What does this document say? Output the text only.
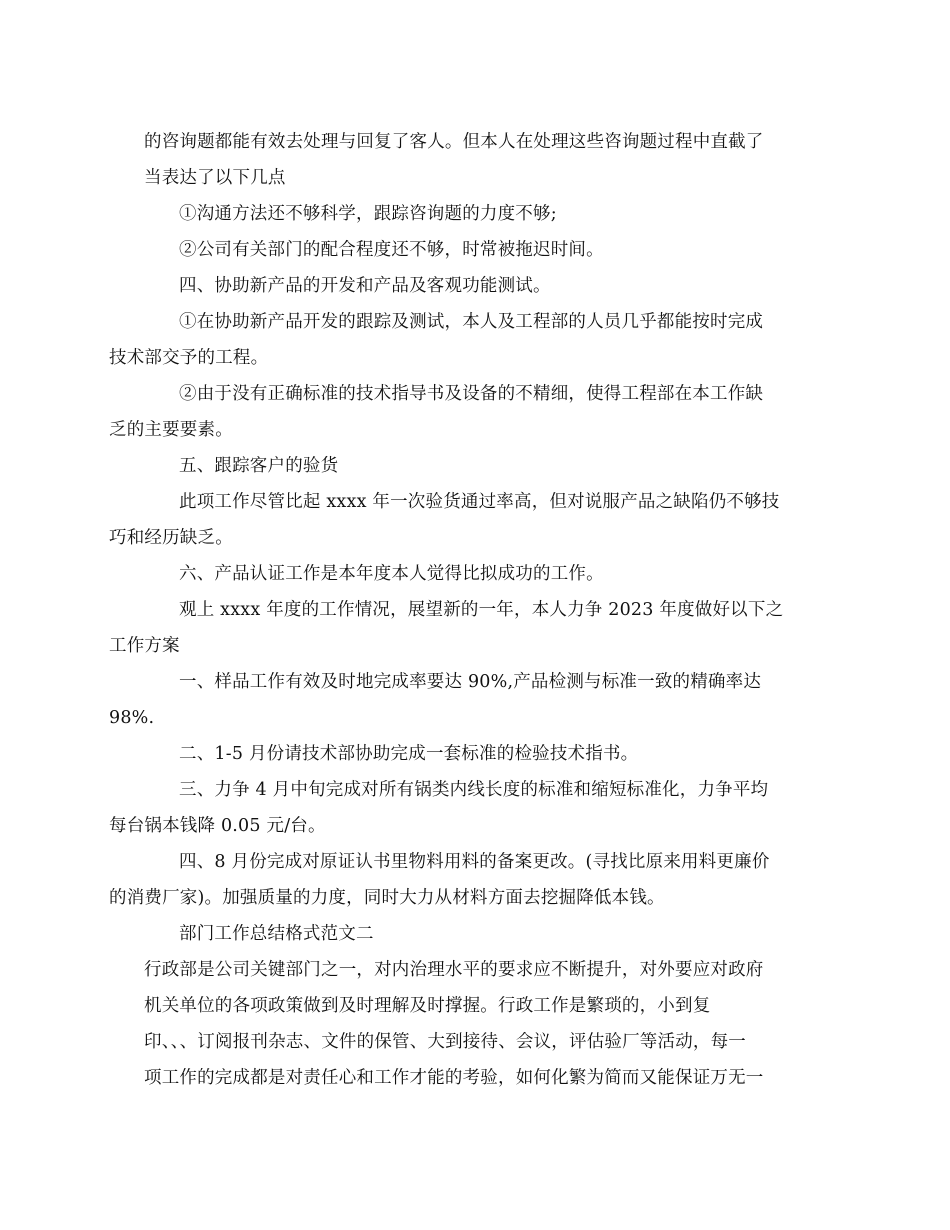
的咨询题都能有效去处理与回复了客人。但本人在处理这些咨询题过程中直截了
当表达了以下几点

①沟通方法还不够科学，跟踪咨询题的力度不够;

②公司有关部门的配合程度还不够，时常被拖迟时间。

四、协助新产品的开发和产品及客观功能测试。

①在协助新产品开发的跟踪及测试，本人及工程部的人员几乎都能按时完成
技术部交予的工程。

②由于没有正确标准的技术指导书及设备的不精细，使得工程部在本工作缺
乏的主要要素。

五、跟踪客户的验货

此项工作尽管比起 xxxx 年一次验货通过率高，但对说服产品之缺陷仍不够技
巧和经历缺乏。

六、产品认证工作是本年度本人觉得比拟成功的工作。

观上 xxxx 年度的工作情况，展望新的一年，本人力争 2023 年度做好以下之
工作方案

一、样品工作有效及时地完成率要达 90%,产品检测与标准一致的精确率达
98%.

二、1-5 月份请技术部协助完成一套标准的检验技术指书。

三、力争 4 月中旬完成对所有锅类内线长度的标准和缩短标准化，力争平均
每台锅本钱降 0.05 元/台。

四、8 月份完成对原证认书里物料用料的备案更改。(寻找比原来用料更廉价
的消费厂家)。加强质量的力度，同时大力从材料方面去挖掘降低本钱。

部门工作总结格式范文二

行政部是公司关键部门之一，对内治理水平的要求应不断提升，对外要应对政府
机关单位的各项政策做到及时理解及时撑握。行政工作是繁琐的，小到复
印、、、订阅报刊杂志、文件的保管、大到接待、会议，评估验厂等活动，每一
项工作的完成都是对责任心和工作才能的考验，如何化繁为简而又能保证万无一
